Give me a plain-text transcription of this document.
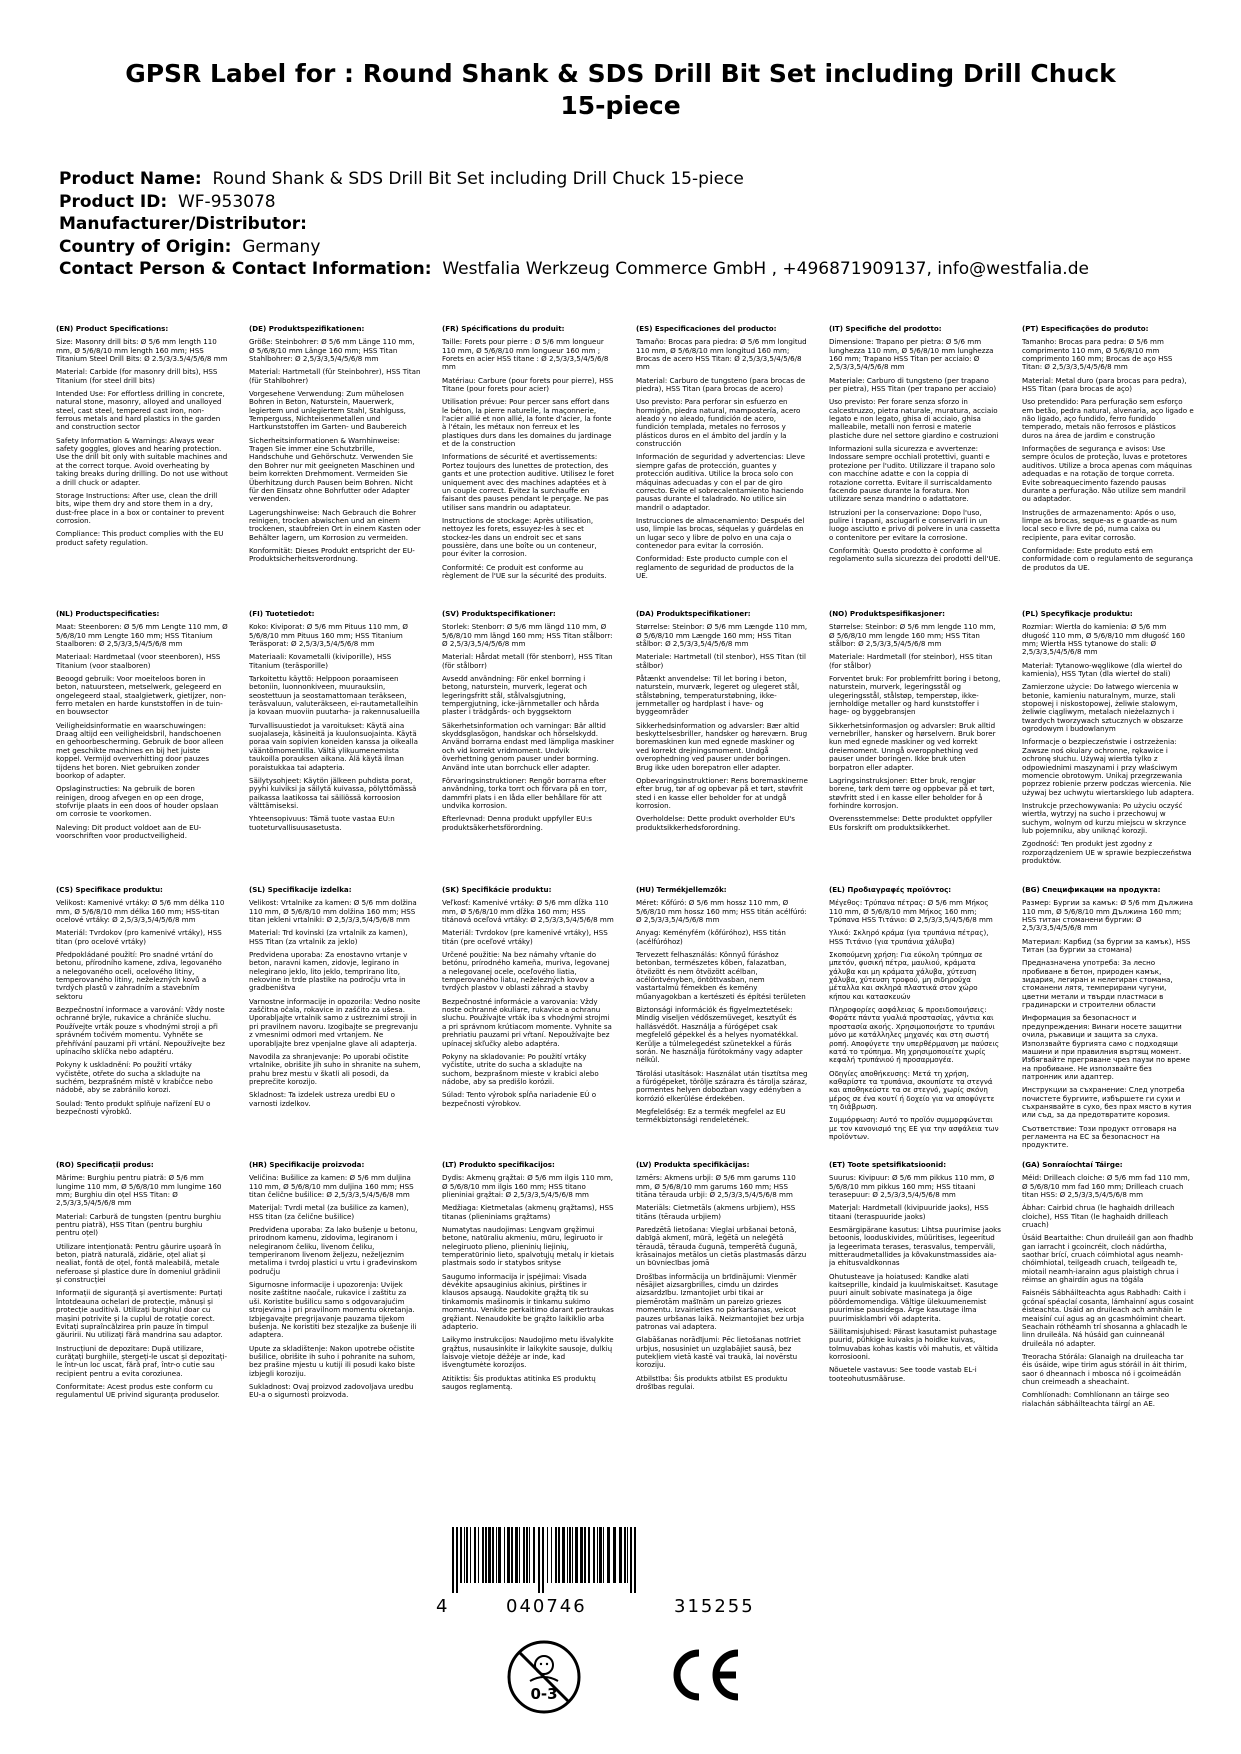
GPSR Label for : Round Shank & SDS Drill Bit Set including Drill Chuck 15-piece
Product Name: Round Shank & SDS Drill Bit Set including Drill Chuck 15-piece
Product ID: WF-953078
Manufacturer/Distributor:
Country of Origin: Germany
Contact Person & Contact Information: Westfalia Werkzeug Commerce GmbH , +496871909137, info@westfalia.de

(EN) Product Specifications:

Size: Masonry drill bits: Ø 5/6 mm length 110 mm, Ø 5/6/8/10 mm length 160 mm; HSS Titanium Steel Drill Bits: Ø 2.5/3/3.5/4/5/6/8 mm

Material: Carbide (for masonry drill bits), HSS Titanium (for steel drill bits)

Intended Use: For effortless drilling in concrete, natural stone, masonry, alloyed and unalloyed steel, cast steel, tempered cast iron, non-ferrous metals and hard plastics in the garden and construction sector

Safety Information & Warnings: Always wear safety goggles, gloves and hearing protection. Use the drill bit only with suitable machines and at the correct torque. Avoid overheating by taking breaks during drilling. Do not use without a drill chuck or adapter.

Storage Instructions: After use, clean the drill bits, wipe them dry and store them in a dry, dust-free place in a box or container to prevent corrosion.

Compliance: This product complies with the EU product safety regulation.

(DE) Produktspezifikationen:

Größe: Steinbohrer: Ø 5/6 mm Länge 110 mm, Ø 5/6/8/10 mm Länge 160 mm; HSS Titan Stahlbohrer: Ø 2,5/3/3,5/4/5/6/8 mm

Material: Hartmetall (für Steinbohrer), HSS Titan (für Stahlbohrer)

Vorgesehene Verwendung: Zum mühelosen Bohren in Beton, Naturstein, Mauerwerk, legiertem und unlegiertem Stahl, Stahlguss, Temperguss, Nichteisenmetallen und Hartkunststoffen im Garten- und Baubereich

Sicherheitsinformationen & Warnhinweise: Tragen Sie immer eine Schutzbrille, Handschuhe und Gehörschutz. Verwenden Sie den Bohrer nur mit geeigneten Maschinen und beim korrekten Drehmoment. Vermeiden Sie Überhitzung durch Pausen beim Bohren. Nicht für den Einsatz ohne Bohrfutter oder Adapter verwenden.

Lagerungshinweise: Nach Gebrauch die Bohrer reinigen, trocken abwischen und an einem trockenen, staubfreien Ort in einem Kasten oder Behälter lagern, um Korrosion zu vermeiden.

Konformität: Dieses Produkt entspricht der EU-Produktsicherheitsverordnung.

(FR) Spécifications du produit:

Taille: Forets pour pierre : Ø 5/6 mm longueur 110 mm, Ø 5/6/8/10 mm longueur 160 mm ; Forets en acier HSS titane : Ø 2,5/3/3,5/4/5/6/8 mm

Matériau: Carbure (pour forets pour pierre), HSS Titane (pour forets pour acier)

Utilisation prévue: Pour percer sans effort dans le béton, la pierre naturelle, la maçonnerie, l'acier allié et non allié, la fonte d'acier, la fonte à l'étain, les métaux non ferreux et les plastiques durs dans les domaines du jardinage et de la construction

Informations de sécurité et avertissements: Portez toujours des lunettes de protection, des gants et une protection auditive. Utilisez le foret uniquement avec des machines adaptées et à un couple correct. Évitez la surchauffe en faisant des pauses pendant le perçage. Ne pas utiliser sans mandrin ou adaptateur.

Instructions de stockage: Après utilisation, nettoyez les forets, essuyez-les à sec et stockez-les dans un endroit sec et sans poussière, dans une boîte ou un conteneur, pour éviter la corrosion.

Conformité: Ce produit est conforme au règlement de l'UE sur la sécurité des produits.

(ES) Especificaciones del producto:

Tamaño: Brocas para piedra: Ø 5/6 mm longitud 110 mm, Ø 5/6/8/10 mm longitud 160 mm; Brocas de acero HSS Titan: Ø 2,5/3/3,5/4/5/6/8 mm

Material: Carburo de tungsteno (para brocas de piedra), HSS Titan (para brocas de acero)

Uso previsto: Para perforar sin esfuerzo en hormigón, piedra natural, mampostería, acero aleado y no aleado, fundición de acero, fundición templada, metales no ferrosos y plásticos duros en el ámbito del jardín y la construcción

Información de seguridad y advertencias: Lleve siempre gafas de protección, guantes y protección auditiva. Utilice la broca solo con máquinas adecuadas y con el par de giro correcto. Evite el sobrecalentamiento haciendo pausas durante el taladrado. No utilice sin mandril o adaptador.

Instrucciones de almacenamiento: Después del uso, limpie las brocas, séquelas y guárdelas en un lugar seco y libre de polvo en una caja o contenedor para evitar la corrosión.

Conformidad: Este producto cumple con el reglamento de seguridad de productos de la UE.

(IT) Specifiche del prodotto:

Dimensione: Trapano per pietra: Ø 5/6 mm lunghezza 110 mm, Ø 5/6/8/10 mm lunghezza 160 mm; Trapano HSS Titan per acciaio: Ø 2,5/3/3,5/4/5/6/8 mm

Materiale: Carburo di tungsteno (per trapano per pietra), HSS Titan (per trapano per acciaio)

Uso previsto: Per forare senza sforzo in calcestruzzo, pietra naturale, muratura, acciaio legato e non legato, ghisa di acciaio, ghisa malleabile, metalli non ferrosi e materie plastiche dure nel settore giardino e costruzioni

Informazioni sulla sicurezza e avvertenze: Indossare sempre occhiali protettivi, guanti e protezione per l'udito. Utilizzare il trapano solo con macchine adatte e con la coppia di rotazione corretta. Evitare il surriscaldamento facendo pause durante la foratura. Non utilizzare senza mandrino o adattatore.

Istruzioni per la conservazione: Dopo l'uso, pulire i trapani, asciugarli e conservarli in un luogo asciutto e privo di polvere in una cassetta o contenitore per evitare la corrosione.

Conformità: Questo prodotto è conforme al regolamento sulla sicurezza dei prodotti dell'UE.

(PT) Especificações do produto:

Tamanho: Brocas para pedra: Ø 5/6 mm comprimento 110 mm, Ø 5/6/8/10 mm comprimento 160 mm; Brocas de aço HSS Titan: Ø 2,5/3/3,5/4/5/6/8 mm

Material: Metal duro (para brocas para pedra), HSS Titan (para brocas de aço)

Uso pretendido: Para perfuração sem esforço em betão, pedra natural, alvenaria, aço ligado e não ligado, aço fundido, ferro fundido temperado, metais não ferrosos e plásticos duros na área de jardim e construção

Informações de segurança e avisos: Use sempre óculos de proteção, luvas e protetores auditivos. Utilize a broca apenas com máquinas adequadas e na rotação de torque correta. Evite sobreaquecimento fazendo pausas durante a perfuração. Não utilize sem mandril ou adaptador.

Instruções de armazenamento: Após o uso, limpe as brocas, seque-as e guarde-as num local seco e livre de pó, numa caixa ou recipiente, para evitar corrosão.

Conformidade: Este produto está em conformidade com o regulamento de segurança de produtos da UE.

(NL) Productspecificaties:

Maat: Steenboren: Ø 5/6 mm Lengte 110 mm, Ø 5/6/8/10 mm Lengte 160 mm; HSS Titanium Staalboren: Ø 2,5/3/3,5/4/5/6/8 mm

Materiaal: Hardmetaal (voor steenboren), HSS Titanium (voor staalboren)

Beoogd gebruik: Voor moeiteloos boren in beton, natuursteen, metselwerk, gelegeerd en ongelegeerd staal, staalgietwerk, gietijzer, non-ferro metalen en harde kunststoffen in de tuin- en bouwsector

Veiligheidsinformatie en waarschuwingen: Draag altijd een veiligheidsbril, handschoenen en gehoorbescherming. Gebruik de boor alleen met geschikte machines en bij het juiste koppel. Vermijd oververhitting door pauzes tijdens het boren. Niet gebruiken zonder boorkop of adapter.

Opslaginstructies: Na gebruik de boren reinigen, droog afvegen en op een droge, stofvrije plaats in een doos of houder opslaan om corrosie te voorkomen.

Naleving: Dit product voldoet aan de EU-voorschriften voor productveiligheid.

(FI) Tuotetiedot:

Koko: Kiviporat: Ø 5/6 mm Pituus 110 mm, Ø 5/6/8/10 mm Pituus 160 mm; HSS Titanium Teräsporat: Ø 2,5/3/3,5/4/5/6/8 mm

Materiaali: Kovametalli (kiviporille), HSS Titanium (teräsporille)

Tarkoitettu käyttö: Helppoon poraamiseen betoniin, luonnonkiveen, muurauksiin, seostettuun ja seostamattomaan teräkseen, teräsvaluun, valuteräkseen, ei-rautametalleihin ja kovaan muoviin puutarha- ja rakennusalueilla

Turvallisuustiedot ja varoitukset: Käytä aina suojalaseja, käsineitä ja kuulonsuojainta. Käytä poraa vain sopivien koneiden kanssa ja oikealla vääntömomentilla. Vältä ylikuumenemista taukoilla porauksen aikana. Älä käytä ilman poraistukkaa tai adapteria.

Säilytysohjeet: Käytön jälkeen puhdista porat, pyyhi kuiviksi ja säilytä kuivassa, pölyttömässä paikassa laatikossa tai säiliössä korroosion välttämiseksi.

Yhteensopivuus: Tämä tuote vastaa EU:n tuoteturvallisuusasetusta.

(SV) Produktspecifikationer:

Storlek: Stenborr: Ø 5/6 mm längd 110 mm, Ø 5/6/8/10 mm längd 160 mm; HSS Titan stålborr: Ø 2,5/3/3,5/4/5/6/8 mm

Material: Hårdat metall (för stenborr), HSS Titan (för stålborr)

Avsedd användning: För enkel borrning i betong, naturstein, murverk, legerat och legeringsfritt stål, stålvalsgjutning, tempergjutning, icke-järnmetaller och hårda plaster i trädgårds- och byggsektorn

Säkerhetsinformation och varningar: Bär alltid skyddsglasögon, handskar och hörselskydd. Använd borrarna endast med lämpliga maskiner och vid korrekt vridmoment. Undvik överhettning genom pauser under borrning. Använd inte utan borrchuck eller adapter.

Förvaringsinstruktioner: Rengör borrarna efter användning, torka torrt och förvara på en torr, dammfri plats i en låda eller behållare för att undvika korrosion.

Efterlevnad: Denna produkt uppfyller EU:s produktsäkerhetsförordning.

(DA) Produktspecifikationer:

Størrelse: Steinbor: Ø 5/6 mm Længde 110 mm, Ø 5/6/8/10 mm Længde 160 mm; HSS Titan stålbor: Ø 2,5/3/3,5/4/5/6/8 mm

Materiale: Hartmetall (til stenbor), HSS Titan (til stålbor)

Påtænkt anvendelse: Til let boring i beton, naturstein, murværk, legeret og ulegeret stål, stålstøbning, temperaturstøbning, ikke-jernmetaller og hardplast i have- og byggeområder

Sikkerhedsinformation og advarsler: Bær altid beskyttelsesbriller, handsker og høreværn. Brug boremaskinen kun med egnede maskiner og ved korrekt drejningsmoment. Undgå overophedning ved pauser under boringen. Brug ikke uden borepatron eller adapter.

Opbevaringsinstruktioner: Rens boremaskinerne efter brug, tør af og opbevar på et tørt, støvfrit sted i en kasse eller beholder for at undgå korrosion.

Overholdelse: Dette produkt overholder EU's produktsikkerhedsforordning.

(NO) Produktspesifikasjoner:

Størrelse: Steinbor: Ø 5/6 mm lengde 110 mm, Ø 5/6/8/10 mm lengde 160 mm; HSS Titan stålbor: Ø 2,5/3/3,5/4/5/6/8 mm

Materiale: Hardmetall (for steinbor), HSS titan (for stålbor)

Forventet bruk: For problemfritt boring i betong, naturstein, murverk, legeringsstål og ulegeringsstål, stålstøp, temperstøp, ikke-jernholdige metaller og hard kunststoffer i hage- og byggebransjen

Sikkerhetsinformasjon og advarsler: Bruk alltid vernebriller, hansker og hørselvern. Bruk borer kun med egnede maskiner og ved korrekt dreiemoment. Unngå overopphething ved pauser under boringen. Ikke bruk uten borpatron eller adapter.

Lagringsinstruksjoner: Etter bruk, rengjør borene, tørk dem tørre og oppbevar på et tørt, støvfritt sted i en kasse eller beholder for å forhindre korrosjon.

Overensstemmelse: Dette produktet oppfyller EUs forskrift om produktsikkerhet.

(PL) Specyfikacje produktu:

Rozmiar: Wiertła do kamienia: Ø 5/6 mm długość 110 mm, Ø 5/6/8/10 mm długość 160 mm; Wiertła HSS tytanowe do stali: Ø 2,5/3/3,5/4/5/6/8 mm

Materiał: Tytanowo-węglikowe (dla wierteł do kamienia), HSS Tytan (dla wierteł do stali)

Zamierzone użycie: Do łatwego wiercenia w betonie, kamieniu naturalnym, murze, stali stopowej i niskostopowej, żeliwie stalowym, żeliwie ciągliwym, metalach nieżelaznych i twardych tworzywach sztucznych w obszarze ogrodowym i budowlanym

Informacje o bezpieczeństwie i ostrzeżenia: Zawsze noś okulary ochronne, rękawice i ochronę słuchu. Używaj wiertła tylko z odpowiednimi maszynami i przy właściwym momencie obrotowym. Unikaj przegrzewania poprzez robienie przerw podczas wiercenia. Nie używaj bez uchwytu wiertarskiego lub adaptera.

Instrukcje przechowywania: Po użyciu oczyść wiertła, wytrzyj na sucho i przechowuj w suchym, wolnym od kurzu miejscu w skrzynce lub pojemniku, aby uniknąć korozji.

Zgodność: Ten produkt jest zgodny z rozporządzeniem UE w sprawie bezpieczeństwa produktów.

(CS) Specifikace produktu:

Velikost: Kamenivé vrtáky: Ø 5/6 mm délka 110 mm, Ø 5/6/8/10 mm délka 160 mm; HSS-titan ocelové vrtáky: Ø 2,5/3/3,5/4/5/6/8 mm

Materiál: Tvrdokov (pro kamenivé vrtáky), HSS titan (pro ocelové vrtáky)

Předpokládané použití: Pro snadné vrtání do betonu, přírodního kamene, zdiva, legovaného a nelegovaného oceli, ocelového litiny, temperovaného litiny, neželezných kovů a tvrdých plastů v zahradním a stavebním sektoru

Bezpečnostní informace a varování: Vždy noste ochranné brýle, rukavice a chrániče sluchu. Používejte vrták pouze s vhodnými stroji a při správném točivém momentu. Vyhněte se přehřívání pauzami při vrtání. Nepoužívejte bez upínacího sklíčka nebo adaptéru.

Pokyny k uskladnění: Po použití vrtáky vyčistěte, otřete do sucha a skladujte na suchém, bezprašném místě v krabičce nebo nádobě, aby se zabránilo korozi.

Soulad: Tento produkt splňuje nařízení EU o bezpečnosti výrobků.

(SL) Specifikacije izdelka:

Velikost: Vrtalnike za kamen: Ø 5/6 mm dolžina 110 mm, Ø 5/6/8/10 mm dolžina 160 mm; HSS titan jekleni vrtalniki: Ø 2,5/3/3,5/4/5/6/8 mm

Material: Trd kovinski (za vrtalnik za kamen), HSS Titan (za vrtalnik za jeklo)

Predvidena uporaba: Za enostavno vrtanje v beton, naravni kamen, zidovje, legirano in nelegirano jeklo, lito jeklo, temprirano lito, nekovine in trde plastike na področju vrta in gradbeništva

Varnostne informacije in opozorila: Vedno nosite zaščitna očala, rokavice in zaščito za ušesa. Uporabljajte vrtalnik samo z ustreznimi stroji in pri pravilnem navoru. Izogibajte se pregrevanju z vmesnimi odmori med vrtanjem. Ne uporabljajte brez vpenjalne glave ali adapterja.

Navodila za shranjevanje: Po uporabi očistite vrtalnike, obrišite jih suho in shranite na suhem, prahu brez mestu v škatli ali posodi, da preprečite korozijo.

Skladnost: Ta izdelek ustreza uredbi EU o varnosti izdelkov.

(SK) Špecifikácie produktu:

Veľkosť: Kamenivé vrtáky: Ø 5/6 mm dĺžka 110 mm, Ø 5/6/8/10 mm dĺžka 160 mm; HSS titánová oceľová vrtáky: Ø 2,5/3/3,5/4/5/6/8 mm

Materiál: Tvrdokov (pre kamenivé vrtáky), HSS titán (pre oceľové vrtáky)

Určené použitie: Na bez námahy vŕtanie do betónu, prírodného kameňa, muriva, legovanej a nelegovanej ocele, oceľového liatia, temperovaného liatu, neželezných kovov a tvrdých plastov v oblasti záhrad a stavby

Bezpečnostné informácie a varovania: Vždy noste ochranné okuliare, rukavice a ochranu sluchu. Používajte vrták iba s vhodnými strojmi a pri správnom krútiacom momente. Vyhnite sa prehriatiu pauzami pri vŕtaní. Nepoužívajte bez upínacej skľučky alebo adaptéra.

Pokyny na skladovanie: Po použití vrtáky vyčistite, utrite do sucha a skladujte na suchom, bezprašnom mieste v krabici alebo nádobe, aby sa predišlo korózii.

Súlad: Tento výrobok spĺňa nariadenie EÚ o bezpečnosti výrobkov.

(HU) Termékjellemzők:

Méret: Kőfúró: Ø 5/6 mm hossz 110 mm, Ø 5/6/8/10 mm hossz 160 mm; HSS titán acélfúró: Ø 2,5/3/3,5/4/5/6/8 mm

Anyag: Keményfém (kőfúróhoz), HSS titán (acélfúróhoz)

Tervezett felhasználás: Könnyű fúráshoz betonban, természetes kőben, falazatban, ötvözött és nem ötvözött acélban, acélöntvényben, öntöttvasban, nem vastartalmú fémekben és kemény műanyagokban a kertészeti és építési területen

Biztonsági információk és figyelmeztetések: Mindig viseljen védőszemüveget, kesztyűt és hallásvédőt. Használja a fúrógépet csak megfelelő gépekkel és a helyes nyomatékkal. Kerülje a túlmelegedést szünetekkel a fúrás során. Ne használja fúrótokmány vagy adapter nélkül.

Tárolási utasítások: Használat után tisztítsa meg a fúrógépeket, törölje szárazra és tárolja száraz, pormentes helyen dobozban vagy edényben a korrózió elkerülése érdekében.

Megfelelőség: Ez a termék megfelel az EU termékbiztonsági rendeletének.

(EL) Προδιαγραφές προϊόντος:

Μέγεθος: Τρύπανα πέτρας: Ø 5/6 mm Μήκος 110 mm, Ø 5/6/8/10 mm Μήκος 160 mm; Τρύπανα HSS Τιτάνιο: Ø 2,5/3/3,5/4/5/6/8 mm

Υλικό: Σκληρό κράμα (για τρυπάνια πέτρας), HSS Τιτάνιο (για τρυπάνια χάλυβα)

Σκοπούμενη χρήση: Για εύκολη τρύπημα σε μπετόν, φυσική πέτρα, μαυλιού, κράματα χάλυβα και μη κράματα χάλυβα, χύτευση χάλυβα, χύτευση τροφού, μη σιδηρούχα μέταλλα και σκληρά πλαστικά στον χώρο κήπου και κατασκευών

Πληροφορίες ασφάλειας & προειδοποιήσεις: Φοράτε πάντα γυαλιά προστασίας, γάντια και προστασία ακοής. Χρησιμοποιήστε το τρυπάνι μόνο με κατάλληλες μηχανές και στη σωστή ροπή. Αποφύγετε την υπερθέρμανση με παύσεις κατά το τρύπημα. Μη χρησιμοποιείτε χωρίς κεφαλή τρυπάνιού ή προσαρμογέα.

Οδηγίες αποθήκευσης: Μετά τη χρήση, καθαρίστε τα τρυπάνια, σκουπίστε τα στεγνά και αποθηκεύστε τα σε στεγνό, χωρίς σκόνη μέρος σε ένα κουτί ή δοχείο για να αποφύγετε τη διάβρωση.

Συμμόρφωση: Αυτό το προϊόν συμμορφώνεται με τον κανονισμό της ΕΕ για την ασφάλεια των προϊόντων.

(BG) Спецификации на продукта:

Размер: Бургии за камък: Ø 5/6 mm Дължина 110 mm, Ø 5/6/8/10 mm Дължина 160 mm; HSS титан стоманени бургии: Ø 2,5/3/3,5/4/5/6/8 mm

Материал: Карбид (за бургии за камък), HSS Титан (за бургии за стомана)

Предназначена употреба: За лесно пробиване в бетон, природен камък, зидария, легиран и нелегиран стомана, стоманени лятя, темперирани чугуни, цветни метали и твърди пластмаси в градинарски и строителни области

Информация за безопасност и предупреждения: Винаги носете защитни очила, ръкавици и защита за слуха. Използвайте бургията само с подходящи машини и при правилния въртящ момент. Избягвайте прегряване чрез паузи по време на пробиване. Не използвайте без патронник или адаптер.

Инструкции за съхранение: След употреба почистете бургиите, избършете ги сухи и съхранявайте в сухо, без прах място в кутия или съд, за да предотвратите корозия.

Съответствие: Този продукт отговаря на регламента на ЕС за безопасност на продуктите.

(RO) Specificații produs:

Mărime: Burghiu pentru piatră: Ø 5/6 mm lungime 110 mm, Ø 5/6/8/10 mm lungime 160 mm; Burghiu din oțel HSS Titan: Ø 2,5/3/3,5/4/5/6/8 mm

Material: Carbură de tungsten (pentru burghiu pentru piatră), HSS Titan (pentru burghiu pentru oțel)

Utilizare intenționată: Pentru găurire ușoară în beton, piatră naturală, zidărie, oțel aliat și nealiat, fontă de oțel, fontă maleabilă, metale neferoase și plastice dure în domeniul grădinii și construcției

Informații de siguranță și avertismente: Purtați întotdeauna ochelari de protecție, mănuși și protecție auditivă. Utilizați burghiul doar cu mașini potrivite și la cuplul de rotație corect. Evitați supraîncălzirea prin pauze în timpul găuririi. Nu utilizați fără mandrina sau adaptor.

Instrucțiuni de depozitare: După utilizare, curățați burghiile, ștergeți-le uscat și depozitați-le într-un loc uscat, fără praf, într-o cutie sau recipient pentru a evita coroziunea.

Conformitate: Acest produs este conform cu regulamentul UE privind siguranța produselor.

(HR) Specifikacije proizvoda:

Veličina: Bušilice za kamen: Ø 5/6 mm duljina 110 mm, Ø 5/6/8/10 mm duljina 160 mm; HSS titan čelične bušilice: Ø 2,5/3/3,5/4/5/6/8 mm

Materijal: Tvrdi metal (za bušilice za kamen), HSS titan (za čelične bušilice)

Predviđena uporaba: Za lako bušenje u betonu, prirodnom kamenu, zidovima, legiranom i nelegiranom čeliku, livenom čeliku, temperiranom livenom željezu, neželjeznim metalima i tvrdoj plastici u vrtu i građevinskom području

Sigurnosne informacije i upozorenja: Uvijek nosite zaštitne naočale, rukavice i zaštitu za uši. Koristite bušilicu samo s odgovarajućim strojevima i pri pravilnom momentu okretanja. Izbjegavajte pregrijavanje pauzama tijekom bušenja. Ne koristiti bez stezaljke za bušenje ili adaptera.

Upute za skladištenje: Nakon upotrebe očistite bušilice, obrišite ih suho i pohranite na suhom, bez prašine mjestu u kutiji ili posudi kako biste izbjegli koroziju.

Sukladnost: Ovaj proizvod zadovoljava uredbu EU-a o sigurnosti proizvoda.

(LT) Produkto specifikacijos:

Dydis: Akmenų grąžtai: Ø 5/6 mm ilgis 110 mm, Ø 5/6/8/10 mm ilgis 160 mm; HSS titano plieniniai grąžtai: Ø 2,5/3/3,5/4/5/6/8 mm

Medžiaga: Kietmetalas (akmenų grąžtams), HSS titanas (plieniniams grąžtams)

Numatytas naudojimas: Lengvam gręžimui betone, natūraliu akmeniu, mūru, legiruoto ir nelegiruoto plieno, plieninių liejinių, temperatūrinio lieto, spalvotųjų metalų ir kietais plastmais sodo ir statybos srityse

Saugumo informacija ir įspėjimai: Visada dėvėkite apsauginius akinius, pirštines ir klausos apsaugą. Naudokite grąžtą tik su tinkamomis mašinomis ir tinkamu sukimo momentu. Venkite perkaitimo darant pertraukas gręžiant. Nenaudokite be grąžto laikiklio arba adapterio.

Laikymo instrukcijos: Naudojimo metu išvalykite grąžtus, nusausinkite ir laikykite sausoje, dulkių laisvoje vietoje dėžėje ar inde, kad išvengtumėte korozijos.

Atitiktis: Šis produktas atitinka ES produktų saugos reglamentą.

(LV) Produkta specifikācijas:

Izmērs: Akmens urbji: Ø 5/6 mm garums 110 mm, Ø 5/6/8/10 mm garums 160 mm; HSS titāna tērauda urbji: Ø 2,5/3/3,5/4/5/6/8 mm

Materiāls: Cietmetāls (akmens urbjiem), HSS titāns (tērauda urbjiem)

Paredzētā lietošana: Vieglai urbšanai betonā, dabīgā akmenī, mūrā, leģētā un neleģētā tēraudā, tērauda čugunā, temperētā čugunā, krāsainajos metālos un cietās plastmasās dārzu un būvniecības jomā

Drošības informācija un brīdinājumi: Vienmēr nēsājiet aizsargbrilles, cimdu un dzirdes aizsardzību. Izmantojiet urbi tikai ar piemērotām mašīnām un pareizo griezes momentu. Izvairieties no pārkaršanas, veicot pauzes urbšanas laikā. Neizmantojiet bez urbja patronas vai adaptera.

Glabāšanas norādījumi: Pēc lietošanas notīriet urbjus, nosusiniet un uzglabājiet sausā, bez putekļiem vietā kastē vai traukā, lai novērstu koroziju.

Atbilstība: Šis produkts atbilst ES produktu drošības regulai.

(ET) Toote spetsifikatsioonid:

Suurus: Kivipuur: Ø 5/6 mm pikkus 110 mm, Ø 5/6/8/10 mm pikkus 160 mm; HSS titaani terasepuur: Ø 2,5/3/3,5/4/5/6/8 mm

Materjal: Hardmetall (kivipuuride jaoks), HSS titaani (teraspuuride jaoks)

Eesmärgipärane kasutus: Lihtsa puurimise jaoks betoonis, looduskivides, müüritises, legeeritud ja legeerimata terases, terasvalus, temperväli, mitteraudmetallides ja kõvakunstmassides aia- ja ehitusvaldkonnas

Ohutusteave ja hoiatused: Kandke alati kaitseprille, kindaid ja kuulmiskaitset. Kasutage puuri ainult sobivate masinatega ja õige pöördemomendiga. Vältige ülekuumenemist puurimise pausidega. Ärge kasutage ilma puurimisklambri või adapterita.

Säilitamisjuhised: Pärast kasutamist puhastage puurid, pühkige kuivaks ja hoidke kuivas, tolmuvabas kohas kastis või mahutis, et vältida korrosiooni.

Nõuetele vastavus: See toode vastab EL-i tooteohutusmääruse.

(GA) Sonraíochtaí Táirge:

Méid: Drilleach cloiche: Ø 5/6 mm fad 110 mm, Ø 5/6/8/10 mm fad 160 mm; Drilleach cruach titan HSS: Ø 2,5/3/3,5/4/5/6/8 mm

Ábhar: Cairbid chrua (le haghaidh drilleach cloiche), HSS Titan (le haghaidh drilleach cruach)

Úsáid Beartaithe: Chun druileáil gan aon fhadhb gan iarracht i gcoincréit, cloch nádúrtha, saothar brící, cruach cóimhiotal agus neamh-chóimhiotal, teilgeadh cruach, teilgeadh te, miotail neamh-iarainn agus plaistigh chrua i réimse an ghairdín agus na tógála

Faisnéis Sábháilteachta agus Rabhadh: Caith i gcónaí spéaclaí cosanta, lámhainní agus cosaint éisteachta. Úsáid an druileach ach amháin le meaisíní cuí agus ag an gcasmhóimint cheart. Seachain róthéamh trí shosanna a ghlacadh le linn druileála. Ná húsáid gan cuinneanál druileála nó adapter.

Treoracha Stórála: Glanaigh na druileacha tar éis úsáide, wipe tirim agus stóráil in áit thirim, saor ó dheannach i mbosca nó i gcoimeádán chun creimeadh a sheachaint.

Comhlíonadh: Comhlíonann an táirge seo rialachán sábháilteachta táirgí an AE.

4	040746	315255
0-3
